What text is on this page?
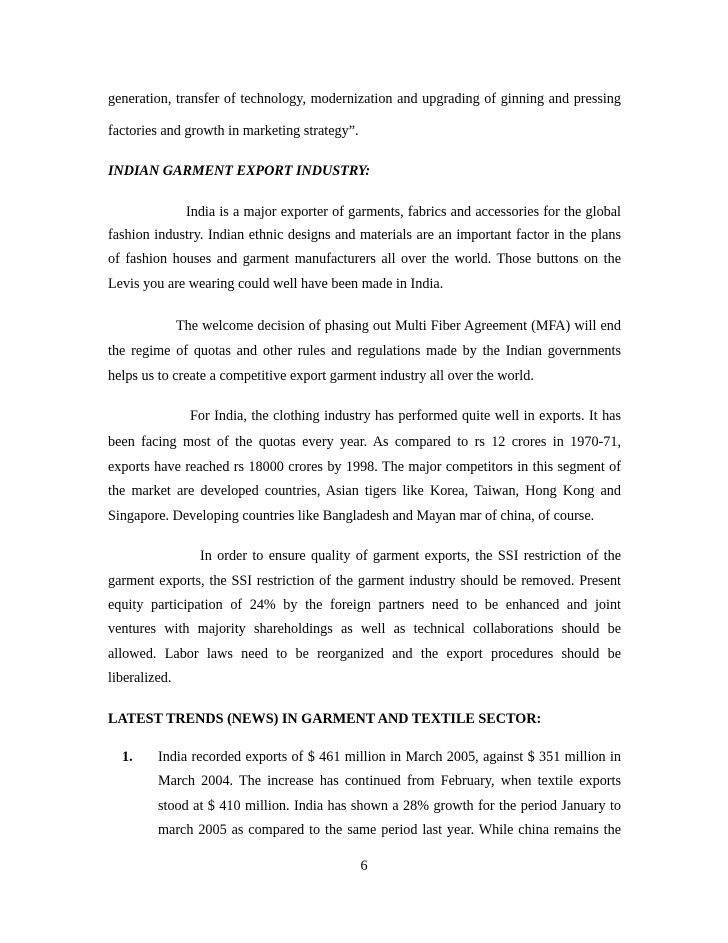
generation, transfer of technology, modernization and upgrading of ginning and pressing
factories and growth in marketing strategy”.
INDIAN GARMENT EXPORT INDUSTRY:
India is a major exporter of garments, fabrics and accessories for the global
fashion industry. Indian ethnic designs and materials are an important factor in the plans
of fashion houses and garment manufacturers all over the world. Those buttons on the
Levis you are wearing could well have been made in India.
The welcome decision of phasing out Multi Fiber Agreement (MFA) will end
the regime of quotas and other rules and regulations made by the Indian governments
helps us to create a competitive export garment industry all over the world.
For India, the clothing industry has performed quite well in exports. It has
been facing most of the quotas every year. As compared to rs 12 crores in 1970-71,
exports have reached rs 18000 crores by 1998. The major competitors in this segment of
the market are developed countries, Asian tigers like Korea, Taiwan, Hong Kong and
Singapore. Developing countries like Bangladesh and Mayan mar of china, of course.
In order to ensure quality of garment exports, the SSI restriction of the
garment exports, the SSI restriction of the garment industry should be removed. Present
equity participation of 24% by the foreign partners need to be enhanced and joint
ventures with majority shareholdings as well as technical collaborations should be
allowed. Labor laws need to be reorganized and the export procedures should be
liberalized.
LATEST TRENDS (NEWS) IN GARMENT AND TEXTILE SECTOR:
1. India recorded exports of $ 461 million in March 2005, against $ 351 million in
March 2004. The increase has continued from February, when textile exports
stood at $ 410 million. India has shown a 28% growth for the period January to
march 2005 as compared to the same period last year. While china remains the
6
